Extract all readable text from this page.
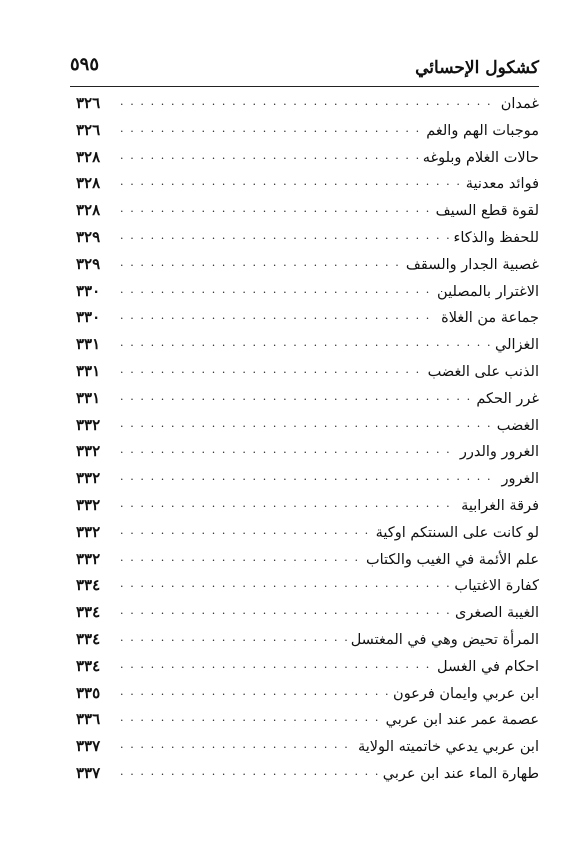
كشكول الإحسائي
٥٩٥
غمدان
. . .
٣٢٦
موجبات الهم والغم
. . .
٣٢٦
حالات الغلام وبلوغه
. . .
٣٢٨
فوائد معدنية
. . .
٣٢٨
لقوة قطع السيف
. . .
٣٢٨
للحفظ والذكاء
. . .
٣٢٩
غصبية الجدار والسقف
. . .
٣٢٩
الاغترار بالمصلين
. . .
٣٣٠
جماعة من الغلاة
. . .
٣٣٠
الغزالي
. . .
٣٣١
الذنب على الغضب
. . .
٣٣١
غرر الحكم
. . .
٣٣١
الغضب
. . .
٣٣٢
الغرور والدرر
. . .
٣٣٢
الغرور
. . .
٣٣٢
فرقة الغرابية
. . .
٣٣٢
لو كانت على السنتكم اوكية
. . .
٣٣٢
علم الأئمة في الغيب والكتاب
. . .
٣٣٢
كفارة الاغتياب
. . .
٣٣٤
الغيبة الصغرى
. . .
٣٣٤
المرأة تحيض وهي في المغتسل
. . .
٣٣٤
احكام في الغسل
. . .
٣٣٤
ابن عربي وايمان فرعون
. . .
٣٣٥
عصمة عمر عند ابن عربي
. . .
٣٣٦
ابن عربي يدعي خاتميته الولاية
. . .
٣٣٧
طهارة الماء عند ابن عربي
. . .
٣٣٧
